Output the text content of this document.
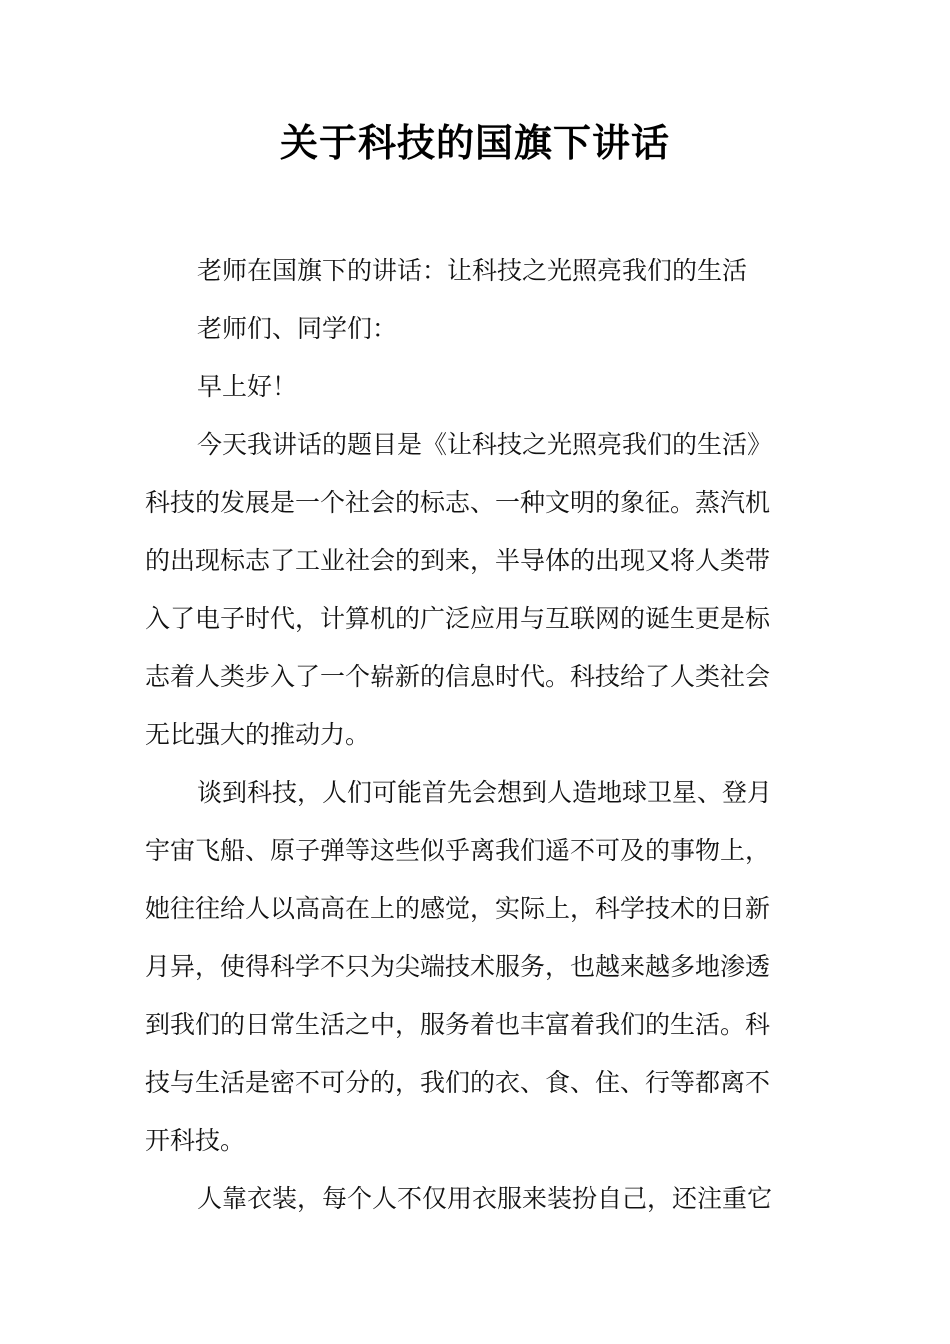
关于科技的国旗下讲话
老师在国旗下的讲话：让科技之光照亮我们的生活
老师们、同学们：
早上好！
今天我讲话的题目是《让科技之光照亮我们的生活》
科技的发展是一个社会的标志、一种文明的象征。蒸汽机
的出现标志了工业社会的到来，半导体的出现又将人类带
入了电子时代，计算机的广泛应用与互联网的诞生更是标
志着人类步入了一个崭新的信息时代。科技给了人类社会
无比强大的推动力。
谈到科技，人们可能首先会想到人造地球卫星、登月
宇宙飞船、原子弹等这些似乎离我们遥不可及的事物上，
她往往给人以高高在上的感觉，实际上，科学技术的日新
月异，使得科学不只为尖端技术服务，也越来越多地渗透
到我们的日常生活之中，服务着也丰富着我们的生活。科
技与生活是密不可分的，我们的衣、食、住、行等都离不
开科技。
人靠衣装，每个人不仅用衣服来装扮自己，还注重它
